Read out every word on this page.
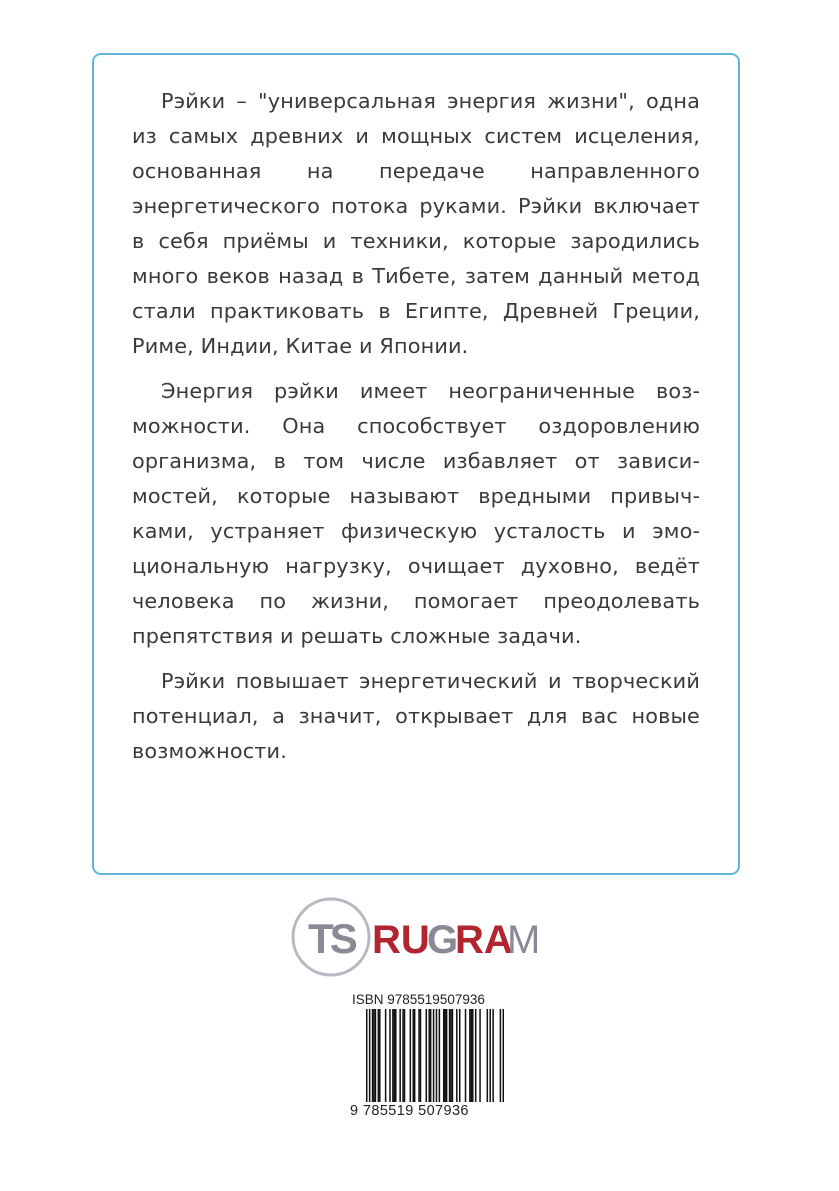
Рэйки – "универсальная энергия жизни", одна из самых древних и мощных систем исцеления, основанная на передаче направленного энергетического потока руками. Рэйки включает в себя приёмы и техники, которые зародились много веков назад в Тибете, затем данный метод стали практиковать в Египте, Древней Греции, Риме, Индии, Китае и Японии.

Энергия рэйки имеет неограниченные возможности. Она способствует оздоровлению организма, в том числе избавляет от зависимостей, которые называют вредными привычками, устраняет физическую усталость и эмоциональную нагрузку, очищает духовно, ведёт человека по жизни, помогает преодолевать препятствия и решать сложные задачи.

Рэйки повышает энергетический и творческий потенциал, а значит, открывает для вас новые возможности.

TS RU
G
RA
M
ISBN 9785519507936
9 785519 507936
